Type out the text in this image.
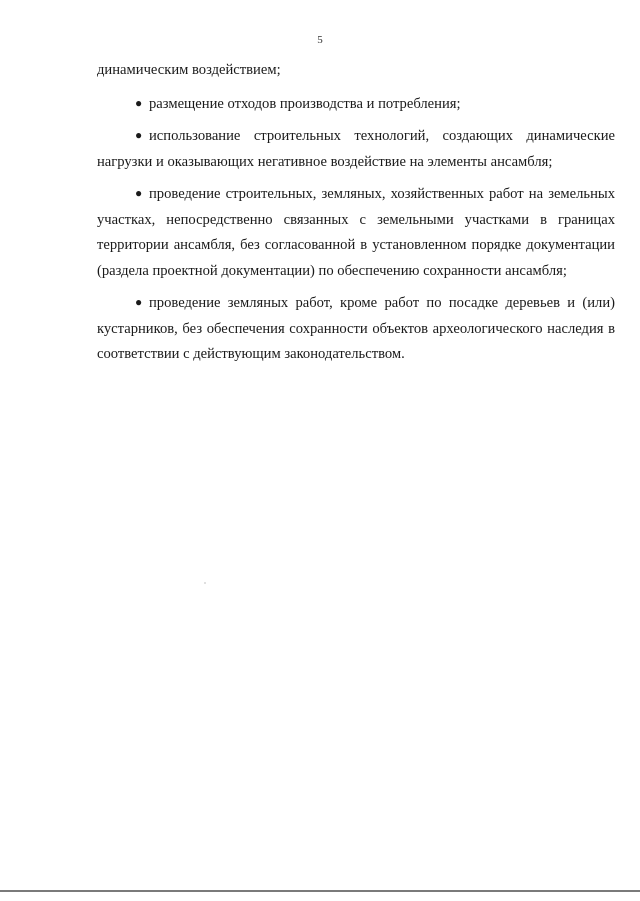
5

динамическим воздействием;

● размещение отходов производства и потребления;

● использование строительных технологий, создающих динамические нагрузки и оказывающих негативное воздействие на элементы ансамбля;

● проведение строительных, земляных, хозяйственных работ на земельных участках, непосредственно связанных с земельными участками в границах территории ансамбля, без согласованной в установленном порядке документации (раздела проектной документации) по обеспечению сохранности ансамбля;

● проведение земляных работ, кроме работ по посадке деревьев и (или) кустарников, без обеспечения сохранности объектов археологического наследия в соответствии с действующим законодательством.
